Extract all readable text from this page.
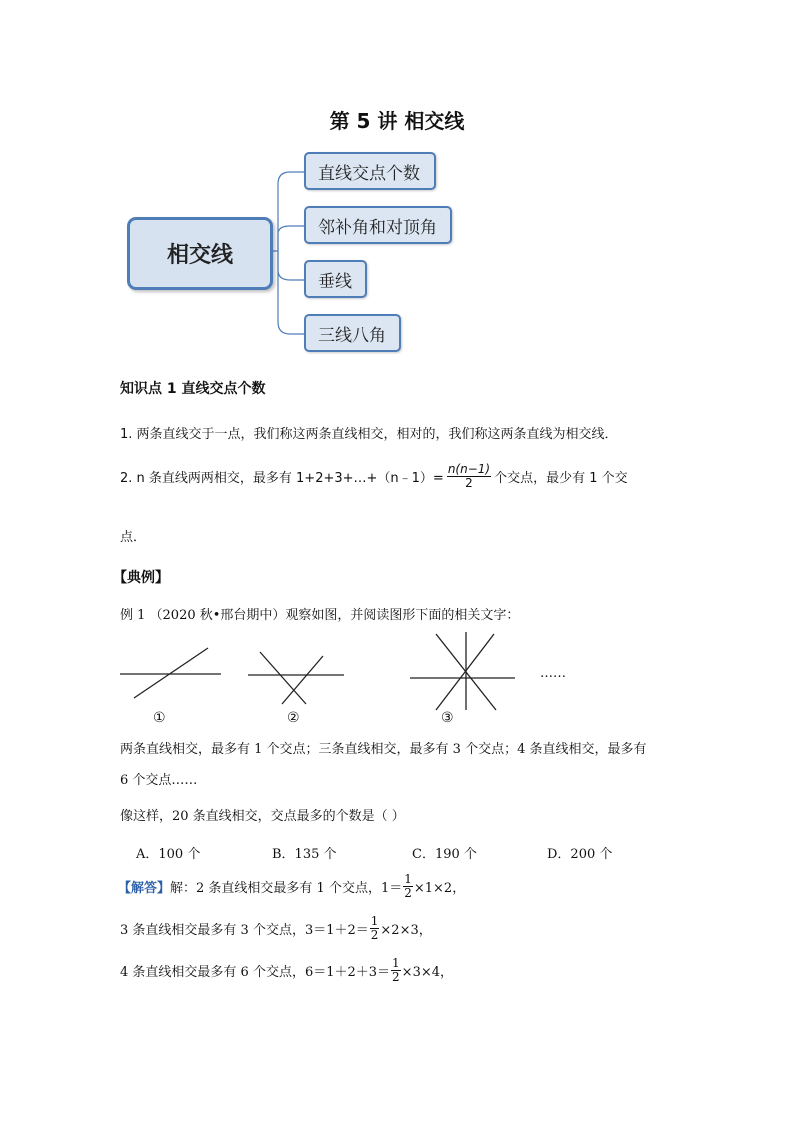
第 5 讲 相交线
相交线
直线交点个数
邻补角和对顶角
垂线
三线八角
知识点 1 直线交点个数
1. 两条直线交于一点，我们称这两条直线相交，相对的，我们称这两条直线为相交线．
2. n 条直线两两相交，最多有 1+2+3+…+（n﹣1）= $\frac{n(n-1)}{2}$ 个交点，最少有 1 个交
点．
【典例】
例 1 （2020 秋•邢台期中）观察如图，并阅读图形下面的相关文字：
……
①	②	③
两条直线相交，最多有 1 个交点；三条直线相交，最多有 3 个交点；4 条直线相交，最多有
6 个交点……
像这样，20 条直线相交，交点最多的个数是（ ）
A．100 个	B．135 个	C．190 个	D．200 个
【解答】 解：2 条直线相交最多有 1 个交点，$1= \frac{1}{2} \times 1\times 2$，
3 条直线相交最多有 3 个交点，$3=1+2= \frac{1}{2} \times 2\times 3$，
4 条直线相交最多有 6 个交点，$6=1+2+3= \frac{1}{2} \times 3\times 4$，
